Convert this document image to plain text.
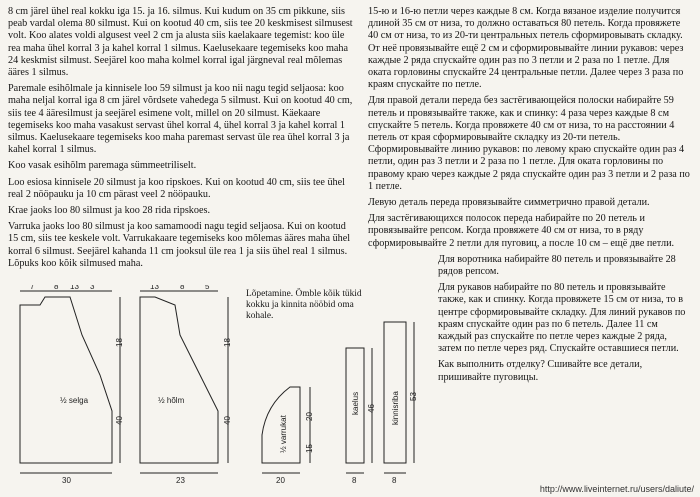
8 cm järel ühel real kokku iga 15. ja 16. silmus. Kui kudum on 35 cm pikkune, siis peab vardal olema 80 silmust. Kui on kootud 40 cm, siis tee 20 keskmisest silmusest volt. Koo alates voldi algusest veel 2 cm ja alusta siis kaelakaare tegemist: koo üle rea maha ühel korral 3 ja kahel korral 1 silmus. Kaelusekaare tegemiseks koo maha 24 keskmist silmust. Seejärel koo maha kolmel korral igal järgneval real mõlemas ääres 1 silmus.

Paremale esihõlmale ja kinnisele loo 59 silmust ja koo nii nagu tegid seljaosa: koo maha neljal korral iga 8 cm järel võrdsete vahedega 5 silmust. Kui on kootud 40 cm, siis tee 4 ääresilmust ja seejärel esimene volt, millel on 20 silmust. Käekaare tegemiseks koo maha vasakust servast ühel korral 4, ühel korral 3 ja kahel korral 1 silmus. Kaelusekaare tegemiseks koo maha paremast servast üle rea ühel korral 3 ja kahel korral 1 silmus.

Koo vasak esihõlm paremaga sümmeetriliselt.

Loo esiosa kinnisele 20 silmust ja koo ripskoes. Kui on kootud 40 cm, siis tee ühel real 2 nööpauku ja 10 cm pärast veel 2 nööpauku.

Krae jaoks loo 80 silmust ja koo 28 rida ripskoes.

Varruka jaoks loo 80 silmust ja koo samamoodi nagu tegid seljaosa. Kui on kootud 15 cm, siis tee keskele volt. Varrukakaare tegemiseks koo mõlemas ääres maha ühel korral 6 silmust. Seejärel kahanda 11 cm jooksul üle rea 1 ja siis ühel real 1 silmus. Lõpuks koo kõik silmused maha.

15-ю и 16-ю петли через каждые 8 см. Когда вязаное изделие получится длиной 35 см от низа, то должно оставаться 80 петель. Когда провяжете 40 см от низа, то из 20-ти центральных петель сформировывать складку. От неё провязывайте ещё 2 см и сформировывайте линии рукавов: через каждые 2 ряда спускайте один раз по 3 петли и 2 раза по 1 петле. Для оката горловины спускайте 24 центральные петли. Далее через 3 раза по краям спускайте по петле.

Для правой детали переда без застёгивающейся полоски набирайте 59 петель и провязывайте также, как и спинку: 4 раза через каждые 8 см спускайте 5 петель. Когда провяжете 40 см от низа, то на расстоянии 4 петель от края сформировывайте складку из 20-ти петель. Сформировывайте линию рукавов: по левому краю спускайте один раз 4 петли, один раз 3 петли и 2 раза по 1 петле. Для оката горловины по правому краю через каждые 2 ряда спускайте один раз 3 петли и 2 раза по 1 петле.

Левую деталь переда провязывайте симметрично правой детали.

Для застёгивающихся полосок переда набирайте по 20 петель и провязывайте репсом. Когда провяжете 40 см от низа, то в ряду сформировывайте 2 петли для пуговиц, а после 10 см – ещё две петли.

Для воротника набирайте 80 петель и провязывайте 28 рядов репсом.

Для рукавов набирайте по 80 петель и провязывайте также, как и спинку. Когда провяжете 15 см от низа, то в центре сформировывайте складку. Для линий рукавов по краям спускайте один раз по 6 петель. Далее 11 см каждый раз спускайте по петле через каждые 2 ряда, затем по петле через ряд. Спускайте оставшиеся петли.

Как выполнить отделку? Сшивайте все детали, пришивайте пуговицы.

Lõpetamine. Ömble kõik tükid kokku ja kinnita nööbid oma kohale.
½ selga	½ hõlm
½ varrukat
kaelus	kinnisriba
7 8 13 3	13	8	5
18
40
18
40	20
15
46
53
30	23	20	8	8
http://www.liveinternet.ru/users/daliute/
